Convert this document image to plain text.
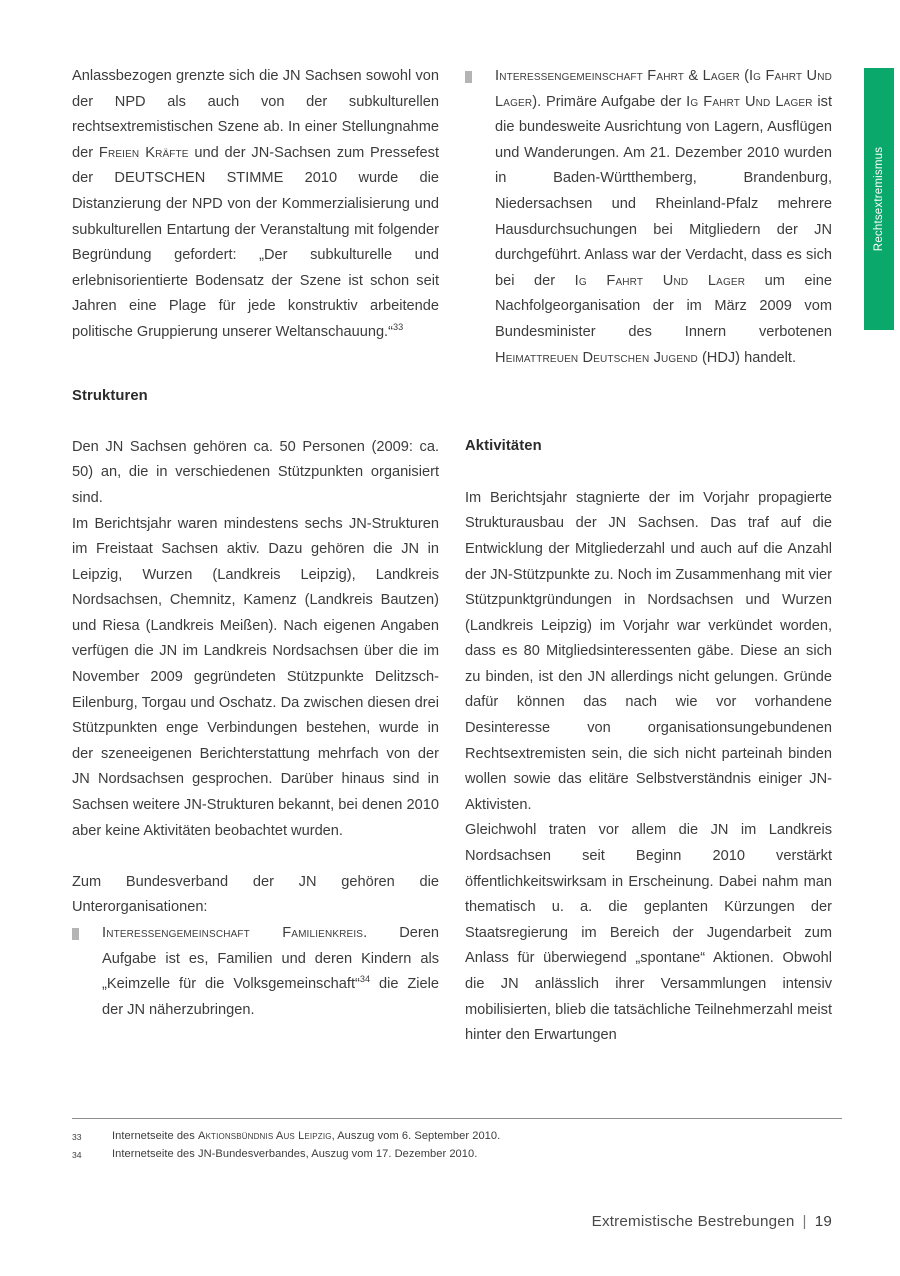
Rechtsextremismus

Anlassbezogen grenzte sich die JN Sachsen sowohl von der NPD als auch von der subkulturellen rechtsextremistischen Szene ab. In einer Stellungnahme der Freien Kräfte und der JN-Sachsen zum Pressefest der DEUTSCHEN STIMME 2010 wurde die Distanzierung der NPD von der Kommerzialisierung und subkulturellen Entartung der Veranstaltung mit folgender Begründung gefordert: „Der subkulturelle und erlebnisorientierte Bodensatz der Szene ist schon seit Jahren eine Plage für jede konstruktiv arbeitende politische Gruppierung unserer Weltanschauung.“$^{33}$

Strukturen

Den JN Sachsen gehören ca. 50 Personen (2009: ca. 50) an, die in verschiedenen Stützpunkten organisiert sind.

Im Berichtsjahr waren mindestens sechs JN-Strukturen im Freistaat Sachsen aktiv. Dazu gehören die JN in Leipzig, Wurzen (Landkreis Leipzig), Landkreis Nordsachsen, Chemnitz, Kamenz (Landkreis Bautzen) und Riesa (Landkreis Meißen). Nach eigenen Angaben verfügen die JN im Landkreis Nordsachsen über die im November 2009 gegründeten Stützpunkte Delitzsch-Eilenburg, Torgau und Oschatz. Da zwischen diesen drei Stützpunkten enge Verbindungen bestehen, wurde in der szeneeigenen Berichterstattung mehrfach von der JN Nordsachsen gesprochen. Darüber hinaus sind in Sachsen weitere JN-Strukturen bekannt, bei denen 2010 aber keine Aktivitäten beobachtet wurden.

Zum Bundesverband der JN gehören die Unterorganisationen:

Interessengemeinschaft Familienkreis. Deren Aufgabe ist es, Familien und deren Kindern als „Keimzelle für die Volksgemeinschaft“$^{34}$ die Ziele der JN näherzubringen.

Interessengemeinschaft Fahrt & Lager (Ig Fahrt Und Lager). Primäre Aufgabe der Ig Fahrt Und Lager ist die bundesweite Ausrichtung von Lagern, Ausflügen und Wanderungen. Am 21. Dezember 2010 wurden in Baden-Württhemberg, Brandenburg, Niedersachsen und Rheinland-Pfalz mehrere Hausdurchsuchungen bei Mitgliedern der JN durchgeführt. Anlass war der Verdacht, dass es sich bei der Ig Fahrt Und Lager um eine Nachfolgeorganisation der im März 2009 vom Bundesminister des Innern verbotenen Heimattreuen Deutschen Jugend (HDJ) handelt.

Aktivitäten

Im Berichtsjahr stagnierte der im Vorjahr propagierte Strukturausbau der JN Sachsen. Das traf auf die Entwicklung der Mitgliederzahl und auch auf die Anzahl der JN-Stützpunkte zu. Noch im Zusammenhang mit vier Stützpunktgründungen in Nordsachsen und Wurzen (Landkreis Leipzig) im Vorjahr war verkündet worden, dass es 80 Mitgliedsinteressenten gäbe. Diese an sich zu binden, ist den JN allerdings nicht gelungen. Gründe dafür können das nach wie vor vorhandene Desinteresse von organisationsungebundenen Rechtsextremisten sein, die sich nicht parteinah binden wollen sowie das elitäre Selbstverständnis einiger JN-Aktivisten.

Gleichwohl traten vor allem die JN im Landkreis Nordsachsen seit Beginn 2010 verstärkt öffentlichkeitswirksam in Erscheinung. Dabei nahm man thematisch u. a. die geplanten Kürzungen der Staatsregierung im Bereich der Jugendarbeit zum Anlass für überwiegend „spontane“ Aktionen. Obwohl die JN anlässlich ihrer Versammlungen intensiv mobilisierten, blieb die tatsächliche Teilnehmerzahl meist hinter den Erwartungen

33	Internetseite des Aktionsbündnis Aus Leipzig, Auszug vom 6. September 2010.
34	Internetseite des JN-Bundesverbandes, Auszug vom 17. Dezember 2010.
Extremistische Bestrebungen | 19
